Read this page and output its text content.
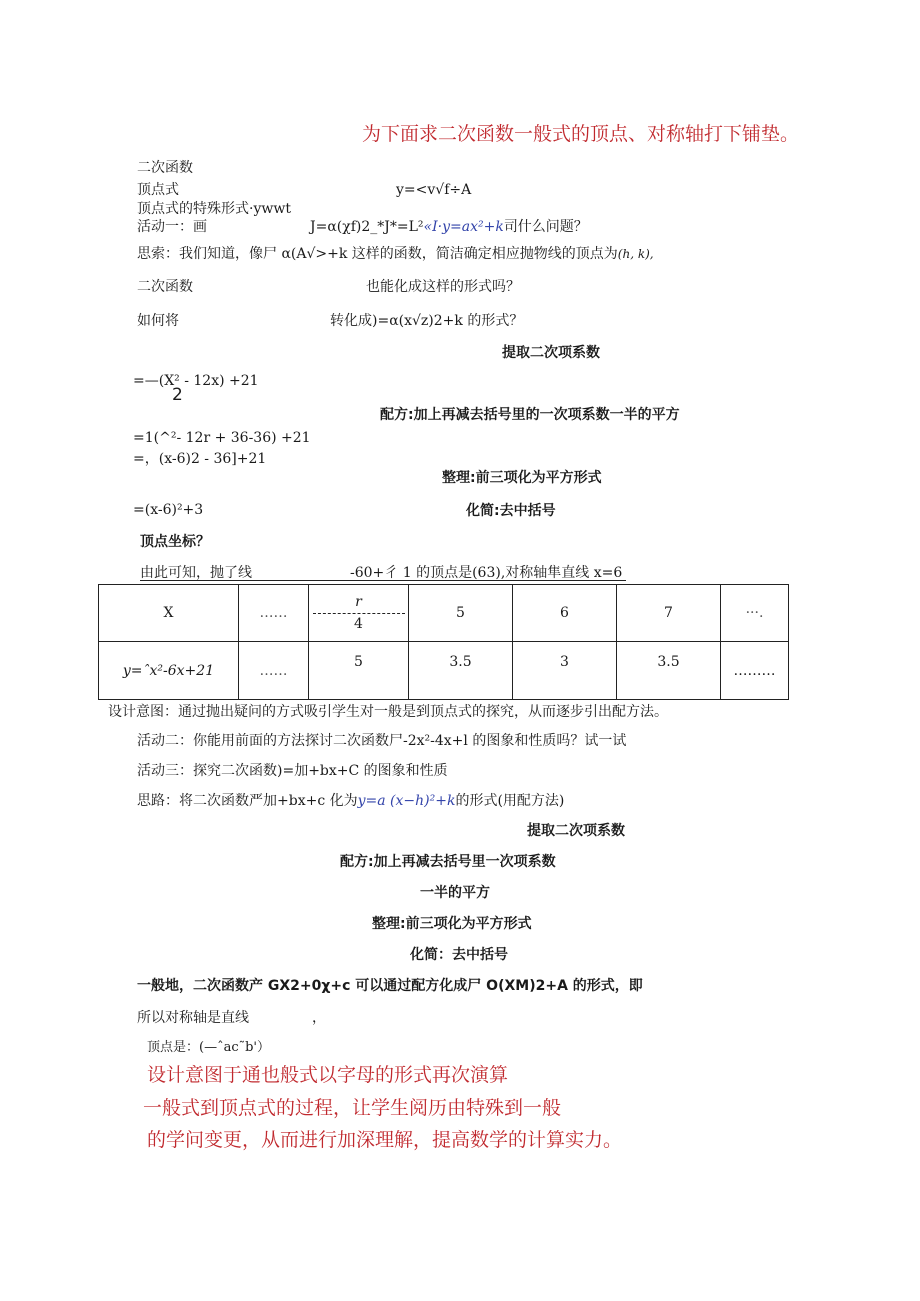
为下面求二次函数一般式的顶点、对称轴打下铺垫。
二次函数
顶点式	y=<v√f÷A
顶点式的特殊形式·ywwt
活动一：画	J=α(χf)2_*J*=L²«I·y=ax²+k司什么问题？
思索：我们知道，像尸 α(A√>+k 这样的函数，简洁确定相应抛物线的顶点为(h, k),
二次函数	也能化成这样的形式吗？
如何将	转化成)=α(x√z)2+k 的形式？
提取二次项系数
=—(X² - 12x) +21
2
配方:加上再减去括号里的一次项系数一半的平方
=1(^²- 12r + 36-36) +21
=，(x-6)2 - 36]+21
整理:前三项化为平方形式
=(x-6)²+3	化简:去中括号
顶点坐标？
由此可知，抛了线	-60+彳 1 的顶点是(63),对称轴隼直线 x=6
X	……	$\frac{r}{4}$	5	6	7	···.
y=ˆx²-6x+21	……	5	3.5	3	3.5	………
设计意图：通过抛出疑问的方式吸引学生对一般是到顶点式的探究，从而逐步引出配方法。
活动二：你能用前面的方法探讨二次函数尸-2x²-4x+l 的图象和性质吗？试一试
活动三：探究二次函数)=加+bx+C 的图象和性质
思路：将二次函数严加+bx+c 化为y=a (x−h)²+k的形式(用配方法)
提取二次项系数
配方:加上再减去括号里一次项系数
一半的平方
整理:前三项化为平方形式
化简：去中括号
一般地，二次函数产 GX2+0χ+c 可以通过配方化成尸 O(XM)2+A 的形式，即
所以对称轴是直线	，
顶点是：(—ˆac˜b'）
设计意图于通也般式以字母的形式再次演算
一般式到顶点式的过程，让学生阅历由特殊到一般
的学问变更，从而进行加深理解，提高数学的计算实力。
